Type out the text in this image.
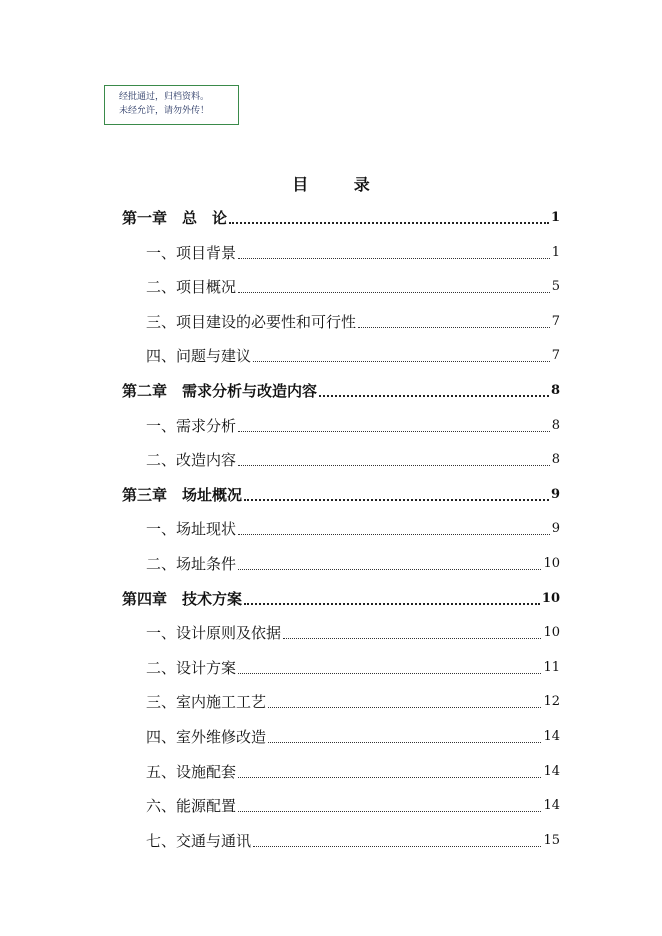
经批通过，归档资料。
未经允许，请勿外传！
目 录
第一章　总　论	1
一、项目背景	1
二、项目概况	5
三、项目建设的必要性和可行性	7
四、问题与建议	7
第二章　需求分析与改造内容	8
一、需求分析	8
二、改造内容	8
第三章　场址概况	9
一、场址现状	9
二、场址条件	10
第四章　技术方案	10
一、设计原则及依据	10
二、设计方案	11
三、室内施工工艺	12
四、室外维修改造	14
五、设施配套	14
六、能源配置	14
七、交通与通讯	15
